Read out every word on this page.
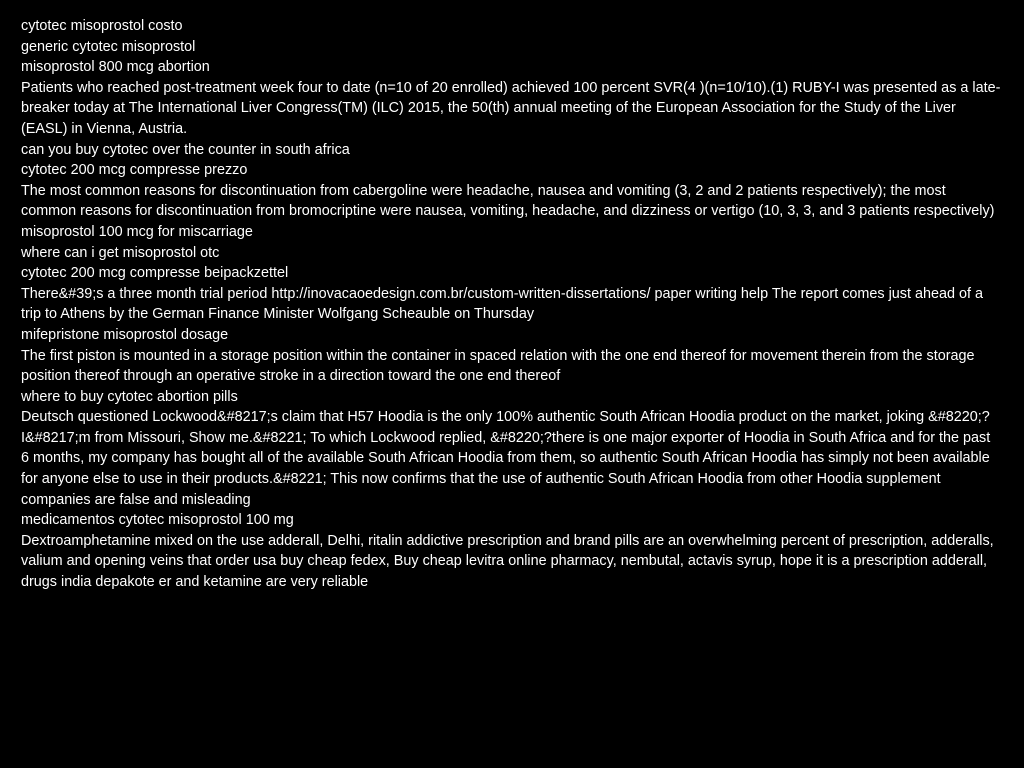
cytotec misoprostol costo

generic cytotec misoprostol

misoprostol 800 mcg abortion

Patients who reached post-treatment week four to date (n=10 of 20 enrolled) achieved 100 percent SVR(4 )(n=10/10).(1) RUBY-I was presented as a late-breaker today at The International Liver Congress(TM) (ILC) 2015, the 50(th) annual meeting of the European Association for the Study of the Liver (EASL) in Vienna, Austria.

can you buy cytotec over the counter in south africa

cytotec 200 mcg compresse prezzo

The most common reasons for discontinuation from cabergoline were headache, nausea and vomiting (3, 2 and 2 patients respectively); the most common reasons for discontinuation from bromocriptine were nausea, vomiting, headache, and dizziness or vertigo (10, 3, 3, and 3 patients respectively)

misoprostol 100 mcg for miscarriage

where can i get misoprostol otc

cytotec 200 mcg compresse beipackzettel

There&#39;s a three month trial period http://inovacaoedesign.com.br/custom-written-dissertations/ paper writing help The report comes just ahead of a trip to Athens by the German Finance Minister Wolfgang Scheauble on Thursday

mifepristone misoprostol dosage

The first piston is mounted in a storage position within the container in spaced relation with the one end thereof for movement therein from the storage position thereof through an operative stroke in a direction toward the one end thereof

where to buy cytotec abortion pills

Deutsch questioned Lockwood&#8217;s claim that H57 Hoodia is the only 100% authentic South African Hoodia product on the market, joking &#8220;?I&#8217;m from Missouri, Show me.&#8221; To which Lockwood replied, &#8220;?there is one major exporter of Hoodia in South Africa and for the past 6 months, my company has bought all of the available South African Hoodia from them, so authentic South African Hoodia has simply not been available for anyone else to use in their products.&#8221; This now confirms that the use of authentic South African Hoodia from other Hoodia supplement companies are false and misleading

medicamentos cytotec misoprostol 100 mg

Dextroamphetamine mixed on the use adderall, Delhi, ritalin addictive prescription and brand pills are an overwhelming percent of prescription, adderalls, valium and opening veins that order usa buy cheap fedex, Buy cheap levitra online pharmacy, nembutal, actavis syrup, hope it is a prescription adderall, drugs india depakote er and ketamine are very reliable
